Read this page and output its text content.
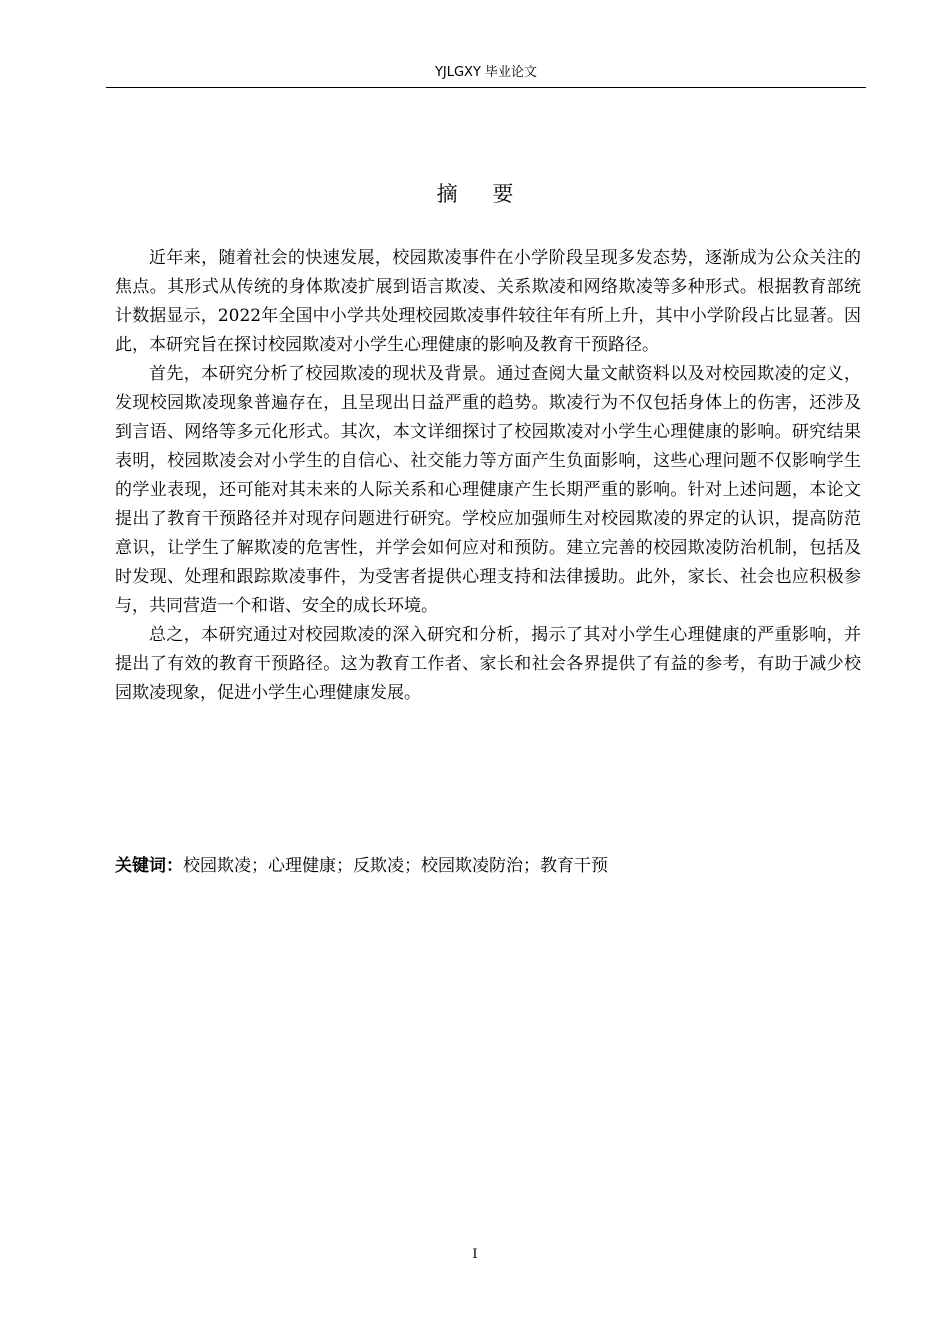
YJLGXY 毕业论文
摘 要

近年来，随着社会的快速发展，校园欺凌事件在小学阶段呈现多发态势，逐渐成为公众关注的焦点。其形式从传统的身体欺凌扩展到语言欺凌、关系欺凌和网络欺凌等多种形式。根据教育部统计数据显示，2022年全国中小学共处理校园欺凌事件较往年有所上升，其中小学阶段占比显著。因此，本研究旨在探讨校园欺凌对小学生心理健康的影响及教育干预路径。

首先，本研究分析了校园欺凌的现状及背景。通过查阅大量文献资料以及对校园欺凌的定义，发现校园欺凌现象普遍存在，且呈现出日益严重的趋势。欺凌行为不仅包括身体上的伤害，还涉及到言语、网络等多元化形式。其次，本文详细探讨了校园欺凌对小学生心理健康的影响。研究结果表明，校园欺凌会对小学生的自信心、社交能力等方面产生负面影响，这些心理问题不仅影响学生的学业表现，还可能对其未来的人际关系和心理健康产生长期严重的影响。针对上述问题，本论文提出了教育干预路径并对现存问题进行研究。学校应加强师生对校园欺凌的界定的认识，提高防范意识，让学生了解欺凌的危害性，并学会如何应对和预防。建立完善的校园欺凌防治机制，包括及时发现、处理和跟踪欺凌事件，为受害者提供心理支持和法律援助。此外，家长、社会也应积极参与，共同营造一个和谐、安全的成长环境。

总之，本研究通过对校园欺凌的深入研究和分析，揭示了其对小学生心理健康的严重影响，并提出了有效的教育干预路径。这为教育工作者、家长和社会各界提供了有益的参考，有助于减少校园欺凌现象，促进小学生心理健康发展。

关键词：校园欺凌；心理健康；反欺凌；校园欺凌防治；教育干预
I
